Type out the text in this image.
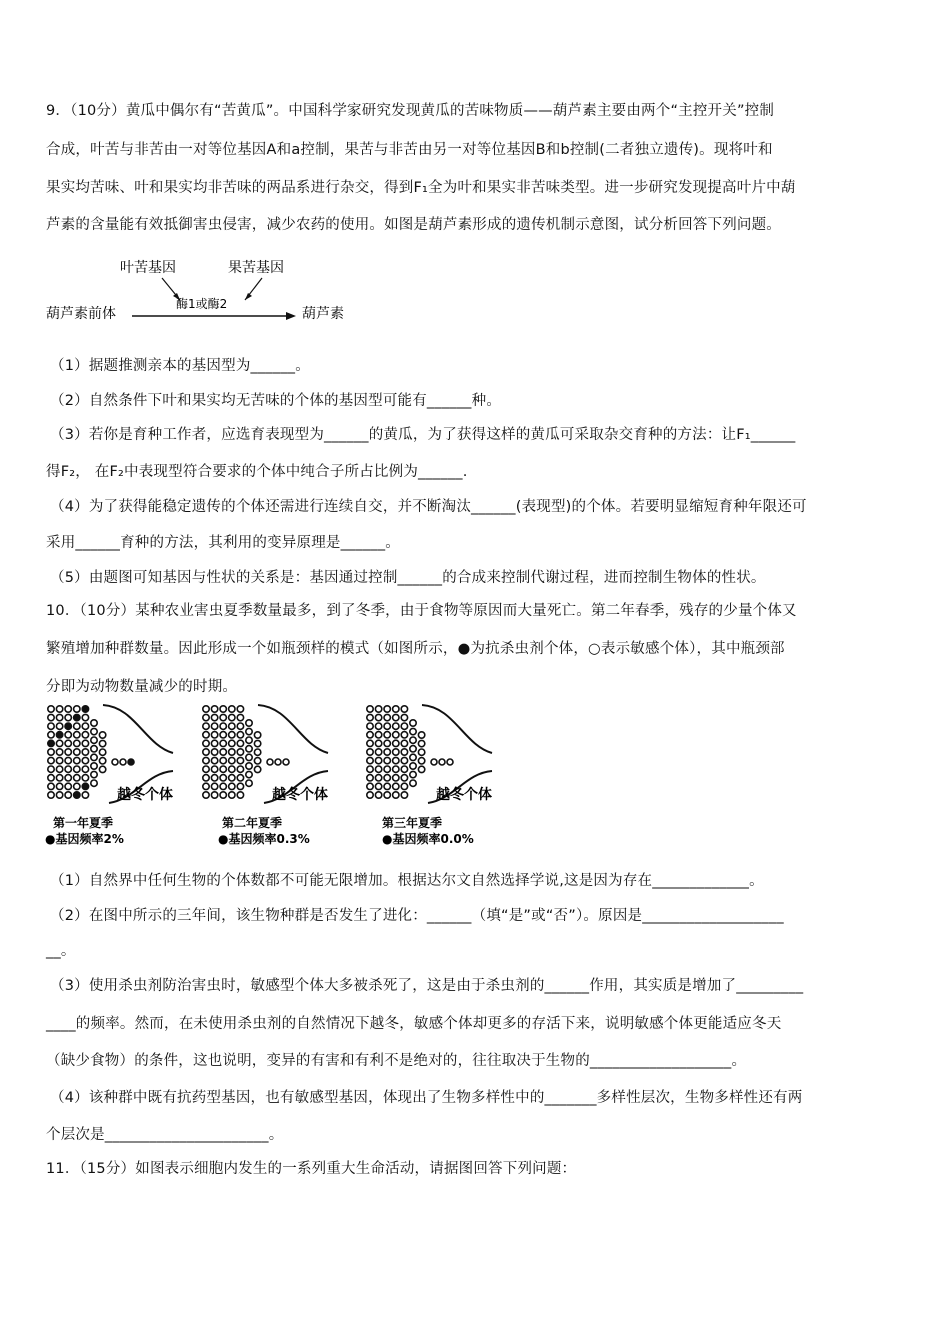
9．（10分）黄瓜中偶尔有“苦黄瓜”。中国科学家研究发现黄瓜的苦味物质——葫芦素主要由两个“主控开关”控制
合成，叶苦与非苦由一对等位基因A和a控制，果苦与非苦由另一对等位基因B和b控制(二者独立遗传)。现将叶和
果实均苦味、叶和果实均非苦味的两品系进行杂交，得到F₁全为叶和果实非苦味类型。进一步研究发现提高叶片中葫
芦素的含量能有效抵御害虫侵害，减少农药的使用。如图是葫芦素形成的遗传机制示意图，试分析回答下列问题。
叶苦基因	果苦基因
酶1或酶2
葫芦素前体	葫芦素
（1）据题推测亲本的基因型为______。
（2）自然条件下叶和果实均无苦味的个体的基因型可能有______种。
（3）若你是育种工作者，应选育表现型为______的黄瓜，为了获得这样的黄瓜可采取杂交育种的方法：让F₁______
得F₂， 在F₂中表现型符合要求的个体中纯合子所占比例为______.
（4）为了获得能稳定遗传的个体还需进行连续自交，并不断淘汰______(表现型)的个体。若要明显缩短育种年限还可
采用______育种的方法，其利用的变异原理是______。
（5）由题图可知基因与性状的关系是：基因通过控制______的合成来控制代谢过程，进而控制生物体的性状。
10．（10分）某种农业害虫夏季数量最多，到了冬季，由于食物等原因而大量死亡。第二年春季，残存的少量个体又
繁殖增加种群数量。因此形成一个如瓶颈样的模式（如图所示，●为抗杀虫剂个体，○表示敏感个体），其中瓶颈部
分即为动物数量减少的时期。
越冬个体
第一年夏季
●基因频率2%
越冬个体
第二年夏季
●基因频率0.3%
越冬个体
第三年夏季
●基因频率0.0%
（1）自然界中任何生物的个体数都不可能无限增加。根据达尔文自然选择学说,这是因为存在_____________。
（2）在图中所示的三年间，该生物种群是否发生了进化：______（填“是”或“否”）。原因是___________________
__。
（3）使用杀虫剂防治害虫时，敏感型个体大多被杀死了，这是由于杀虫剂的______作用，其实质是增加了_________
____的频率。然而，在未使用杀虫剂的自然情况下越冬，敏感个体却更多的存活下来，说明敏感个体更能适应冬天
（缺少食物）的条件，这也说明，变异的有害和有利不是绝对的，往往取决于生物的___________________。
（4）该种群中既有抗药型基因，也有敏感型基因，体现出了生物多样性中的_______多样性层次，生物多样性还有两
个层次是______________________。
11．（15分）如图表示细胞内发生的一系列重大生命活动，请据图回答下列问题：
